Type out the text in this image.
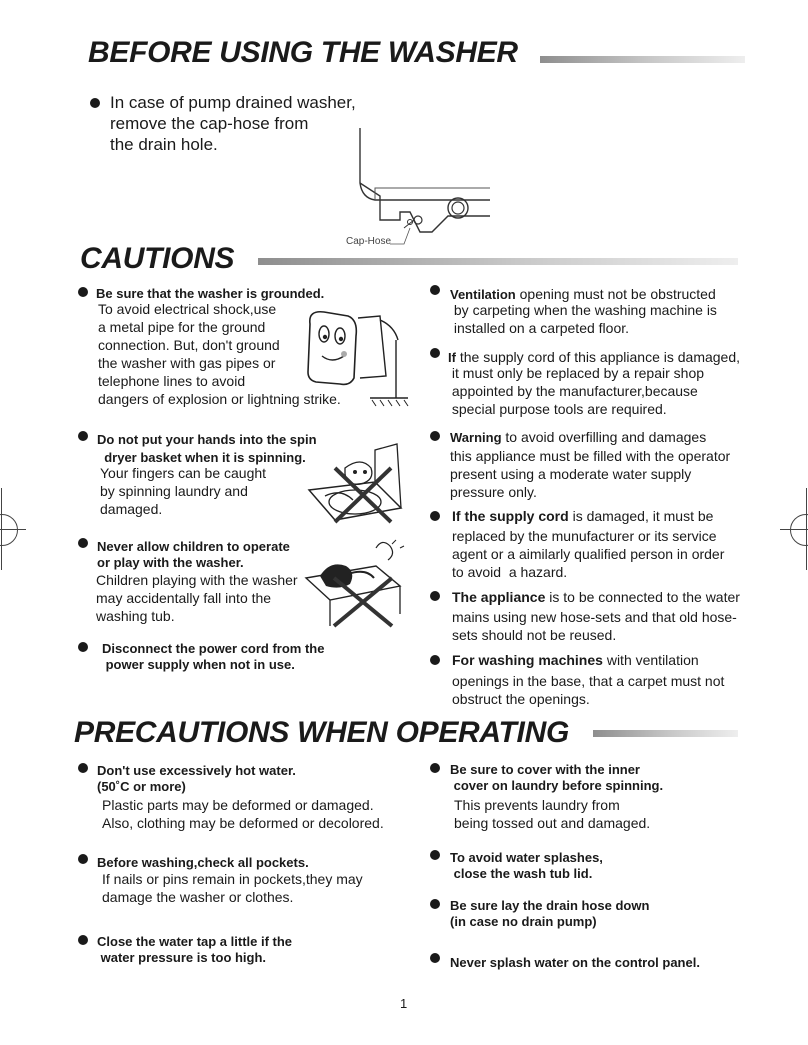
BEFORE USING THE WASHER
In case of pump drained washer,
remove the cap-hose from
the drain hole.
Cap-Hose
CAUTIONS
Be sure that the washer is grounded.
To avoid electrical shock,use
a metal pipe for the ground
connection. But, don't ground
the washer with gas pipes or
telephone lines to avoid
dangers of explosion or lightning strike.
Do not put your hands into the spin
dryer basket when it is spinning.
Your fingers can be caught
by spinning laundry and
damaged.
Never allow children to operate
or play with the washer.
Children playing with the washer
may accidentally fall into the
washing tub.
Disconnect the power cord from the
power supply when not in use.
Ventilation opening must not be obstructed
by carpeting when the washing machine is
installed on a carpeted floor.
If the supply cord of this appliance is damaged,
it must only be replaced by a repair shop
appointed by the manufacturer,because
special purpose tools are required.
Warning to avoid overfilling and damages
this appliance must be filled with the operator
present using a moderate water supply
pressure only.
If the supply cord is damaged, it must be
replaced by the munufacturer or its service
agent or a aimilarly qualified person in order
to avoid  a hazard.
The appliance is to be connected to the water
mains using new hose-sets and that old hose-
sets should not be reused.
For washing machines with ventilation
openings in the base, that a carpet must not
obstruct the openings.
PRECAUTIONS WHEN OPERATING
Don't use excessively hot water.
(50˚C or more)
Plastic parts may be deformed or damaged.
Also, clothing may be deformed or decolored.
Before washing,check all pockets.
If nails or pins remain in pockets,they may
damage the washer or clothes.
Close the water tap a little if the
water pressure is too high.
Be sure to cover with the inner
cover on laundry before spinning.
This prevents laundry from
being tossed out and damaged.
To avoid water splashes,
close the wash tub lid.
Be sure lay the drain hose down
(in case no drain pump)
Never splash water on the control panel.
1
